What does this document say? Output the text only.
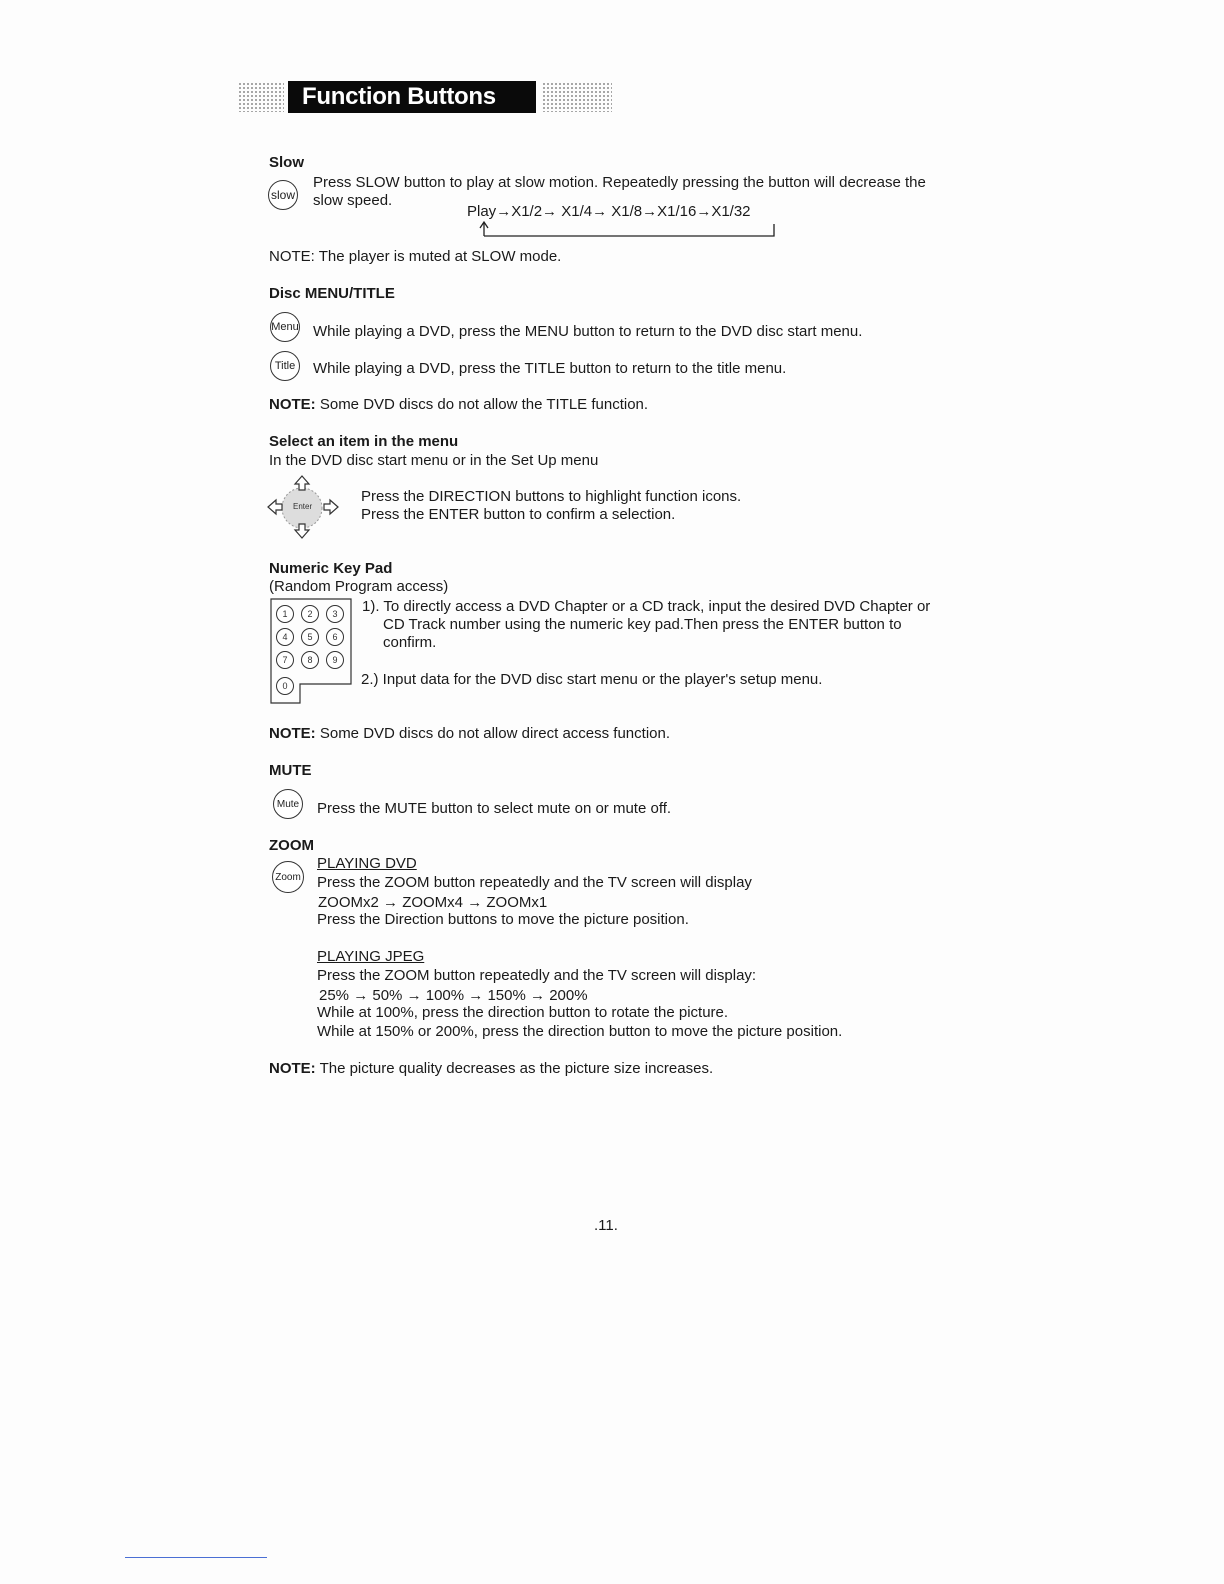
Function Buttons
Slow
slow
Press SLOW button to play at slow motion. Repeatedly pressing the button will decrease the
slow speed.
Play→X1/2→ X1/4→ X1/8→X1/16→X1/32
NOTE: The player is muted at SLOW mode.
Disc MENU/TITLE
Menu While playing a DVD, press the MENU button to return to the DVD disc start menu.
Title While playing a DVD, press the TITLE button to return to the title menu.
NOTE: Some DVD discs do not allow the TITLE function.
Select an item in the menu
In the DVD disc start menu or in the Set Up menu
Enter
Press the DIRECTION buttons to highlight function icons.
Press the ENTER button to confirm a selection.
Numeric Key Pad
(Random Program access)
1	2	3
4	5	6
7	8	9
0
1). To directly access a DVD Chapter or a CD track, input the desired DVD Chapter or
CD Track number using the numeric key pad.Then press the ENTER button to
confirm.
2.) Input data for the DVD disc start menu or the player's setup menu.
NOTE: Some DVD discs do not allow direct access function.
MUTE
Mute Press the MUTE button to select mute on or mute off.
ZOOM
Zoom
PLAYING DVD
Press the ZOOM button repeatedly and the TV screen will display
ZOOMx2 → ZOOMx4 → ZOOMx1
Press the Direction buttons to move the picture position.
PLAYING JPEG
Press the ZOOM button repeatedly and the TV screen will display:
25% → 50% → 100% → 150% → 200%
While at 100%, press the direction button to rotate the picture.
While at 150% or 200%, press the direction button to move the picture position.
NOTE: The picture quality decreases as the picture size increases.
.11.
